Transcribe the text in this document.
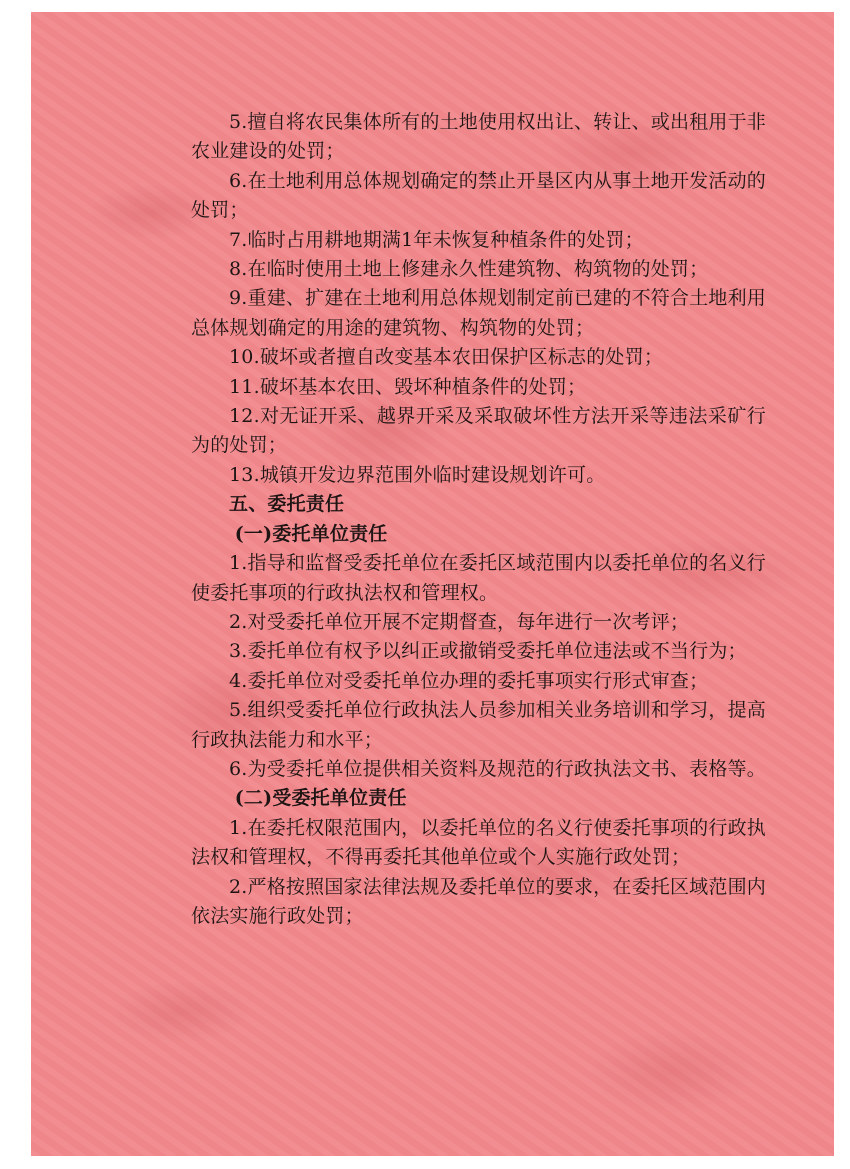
5.擅自将农民集体所有的土地使用权出让、转让、或出租用于非农业建设的处罚；

6.在土地利用总体规划确定的禁止开垦区内从事土地开发活动的处罚；

7.临时占用耕地期满1年未恢复种植条件的处罚；

8.在临时使用土地上修建永久性建筑物、构筑物的处罚；

9.重建、扩建在土地利用总体规划制定前已建的不符合土地利用总体规划确定的用途的建筑物、构筑物的处罚；

10.破坏或者擅自改变基本农田保护区标志的处罚；

11.破坏基本农田、毁坏种植条件的处罚；

12.对无证开采、越界开采及采取破坏性方法开采等违法采矿行为的处罚；

13.城镇开发边界范围外临时建设规划许可。

五、委托责任

(一)委托单位责任

1.指导和监督受委托单位在委托区域范围内以委托单位的名义行使委托事项的行政执法权和管理权。

2.对受委托单位开展不定期督查，每年进行一次考评；

3.委托单位有权予以纠正或撤销受委托单位违法或不当行为；

4.委托单位对受委托单位办理的委托事项实行形式审查；

5.组织受委托单位行政执法人员参加相关业务培训和学习，提高行政执法能力和水平；

6.为受委托单位提供相关资料及规范的行政执法文书、表格等。

(二)受委托单位责任

1.在委托权限范围内，以委托单位的名义行使委托事项的行政执法权和管理权，不得再委托其他单位或个人实施行政处罚；

2.严格按照国家法律法规及委托单位的要求，在委托区域范围内依法实施行政处罚；
